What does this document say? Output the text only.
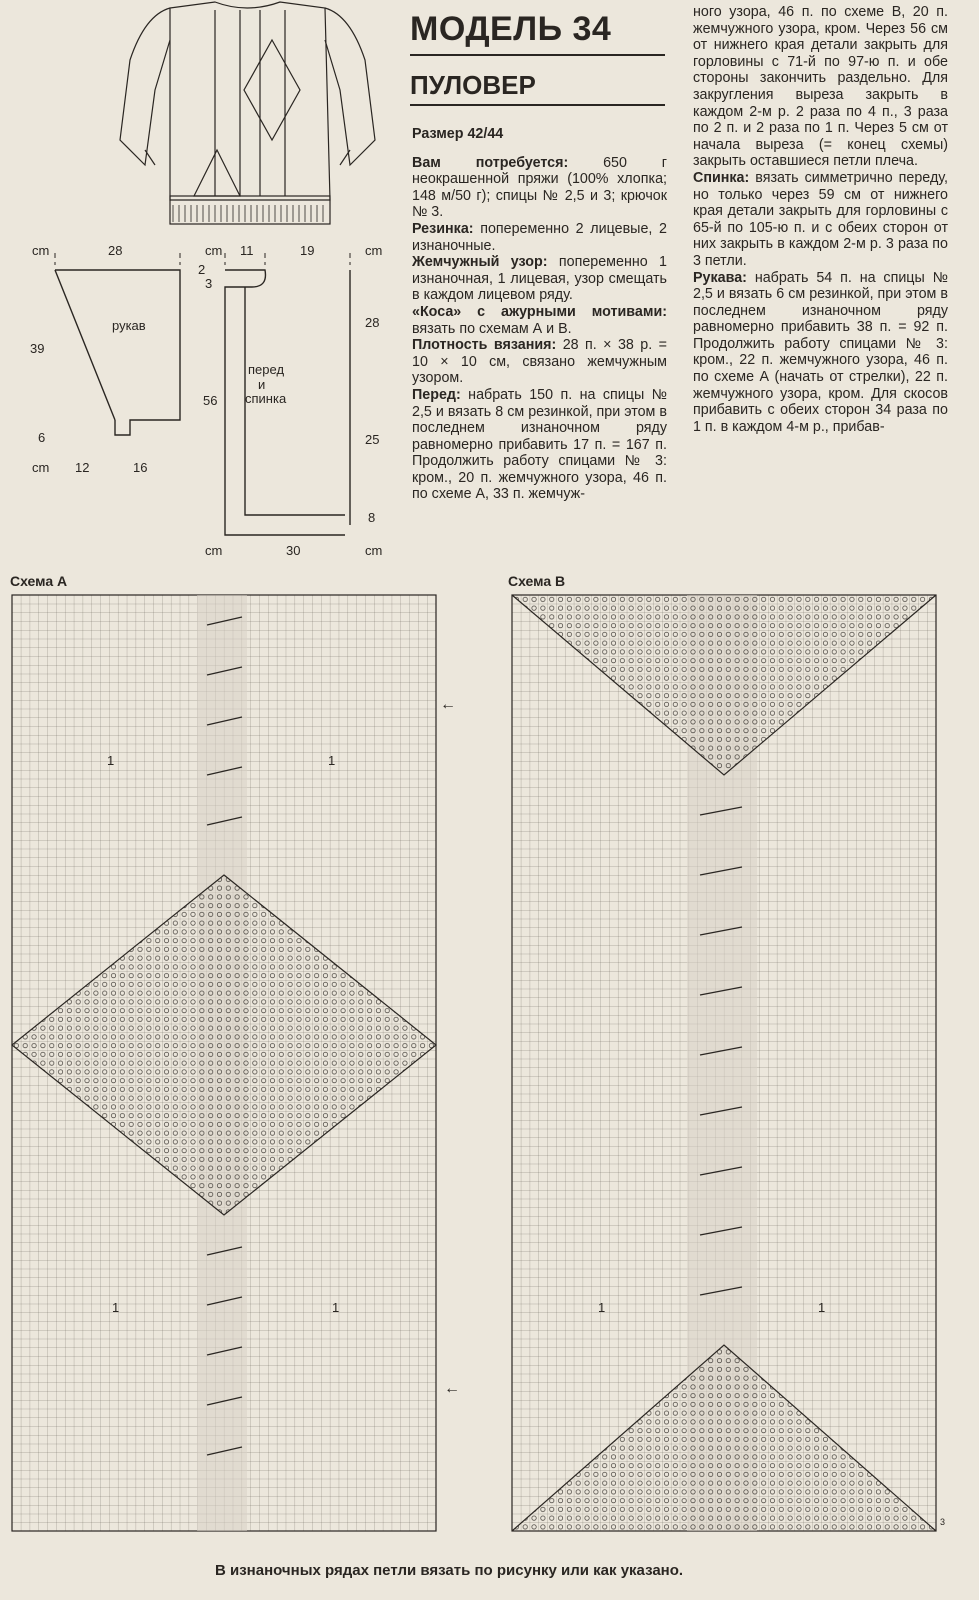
cm	28	cm 11	19	cm
рукав
39
6
cm 12	16
2
3
перед
и
спинка
56
28
25
8
cm	30	cm
МОДЕЛЬ 34
ПУЛОВЕР

Размер 42/44

Вам потребуется: 650 г неокрашенной пряжи (100% хлопка; 148 м/50 г); спицы № 2,5 и 3; крючок № 3.

Резинка: попеременно 2 лицевые, 2 изнаночные.

Жемчужный узор: попеременно 1 изнаночная, 1 лицевая, узор смещать в каждом лицевом ряду.

«Коса» с ажурными мотивами: вязать по схемам А и В.

Плотность вязания: 28 п. × 38 р. = 10 × 10 см, связано жемчужным узором.

Перед: набрать 150 п. на спицы № 2,5 и вязать 8 см резинкой, при этом в последнем изнаночном ряду равномерно прибавить 17 п. = 167 п. Продолжить работу спицами № 3: кром., 20 п. жемчужного узора, 46 п. по схеме А, 33 п. жемчуж-

ного узора, 46 п. по схеме В, 20 п. жемчужного узора, кром. Через 56 см от нижнего края детали закрыть для горловины с 71-й по 97-ю п. и обе стороны закончить раздельно. Для закругления выреза закрыть в каждом 2-м р. 2 раза по 4 п., 3 раза по 2 п. и 2 раза по 1 п. Через 5 см от начала выреза (= конец схемы) закрыть оставшиеся петли плеча.

Спинка: вязать симметрично переду, но только через 59 см от нижнего края детали закрыть для горловины с 65-й по 105-ю п. и с обеих сторон от них закрыть в каждом 2-м р. 3 раза по 3 петли.

Рукава: набрать 54 п. на спицы № 2,5 и вязать 6 см резинкой, при этом в последнем изнаночном ряду равномерно прибавить 38 п. = 92 п. Продолжить работу спицами № 3: кром., 22 п. жемчужного узора, 46 п. по схеме А (начать от стрелки), 22 п. жемчужного узора, кром. Для скосов прибавить с обеих сторон 34 раза по 1 п. в каждом 4-м р., прибав-

Схема А	Схема В
1	1
1	1
←
←
1	1
3
В изнаночных рядах петли вязать по рисунку или как указано.
